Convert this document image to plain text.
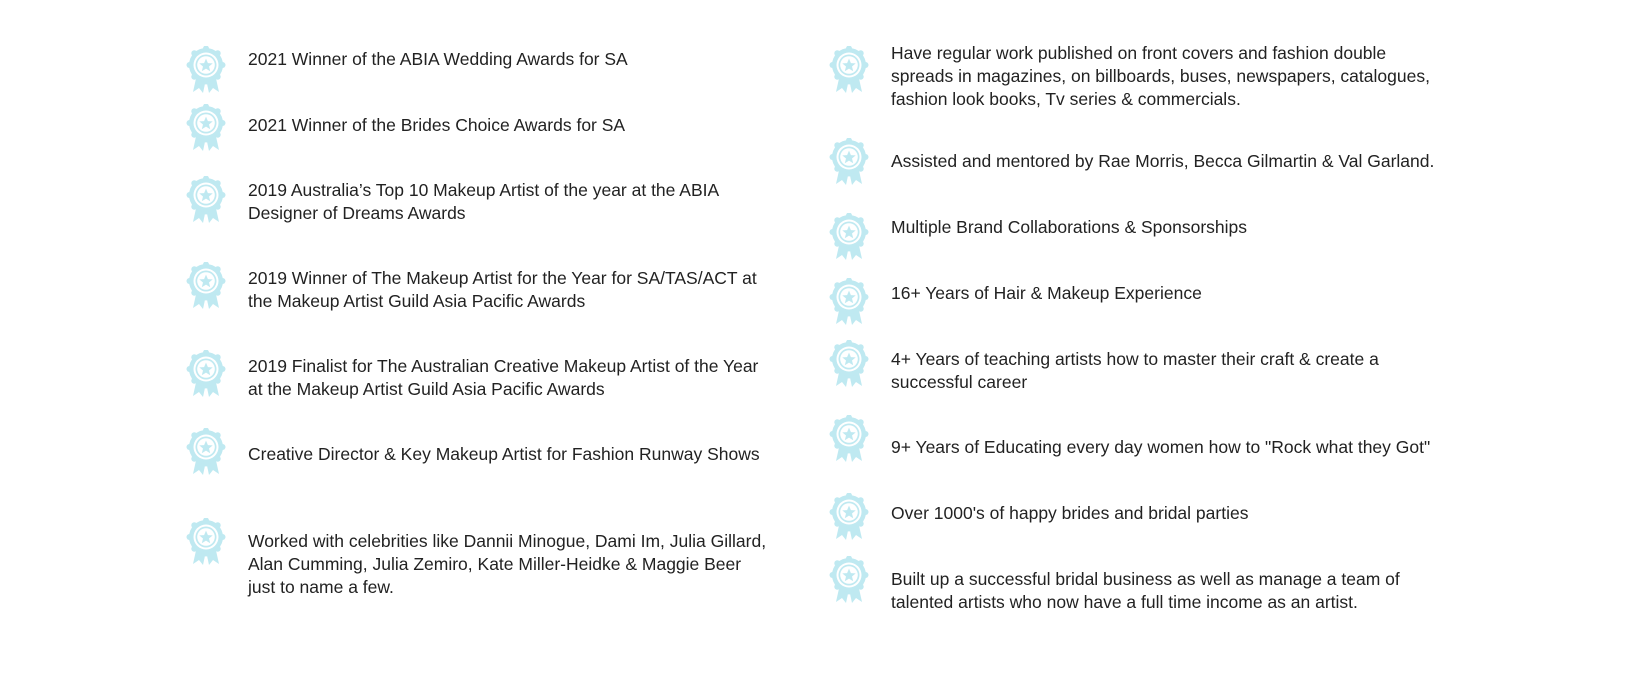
2021 Winner of the ABIA Wedding Awards for SA

2021 Winner of the Brides Choice Awards for SA

2019 Australia’s Top 10 Makeup Artist of the year at the ABIA Designer of Dreams Awards

2019 Winner of The Makeup Artist for the Year for SA/TAS/ACT at the Makeup Artist Guild Asia Pacific Awards

2019 Finalist for The Australian Creative Makeup Artist of the Year at the Makeup Artist Guild Asia Pacific Awards

Creative Director & Key Makeup Artist for Fashion Runway Shows

Worked with celebrities like Dannii Minogue, Dami Im, Julia Gillard, Alan Cumming, Julia Zemiro, Kate Miller-Heidke & Maggie Beer just to name a few.

Have regular work published on front covers and fashion double spreads in magazines, on billboards, buses, newspapers, catalogues, fashion look books, Tv series & commercials.

Assisted and mentored by Rae Morris, Becca Gilmartin & Val Garland.

Multiple Brand Collaborations & Sponsorships

16+ Years of Hair & Makeup Experience

4+ Years of teaching artists how to master their craft & create a successful career

9+ Years of Educating every day women how to "Rock what they Got"

Over 1000's of happy brides and bridal parties

Built up a successful bridal business as well as manage a team of talented artists who now have a full time income as an artist.
